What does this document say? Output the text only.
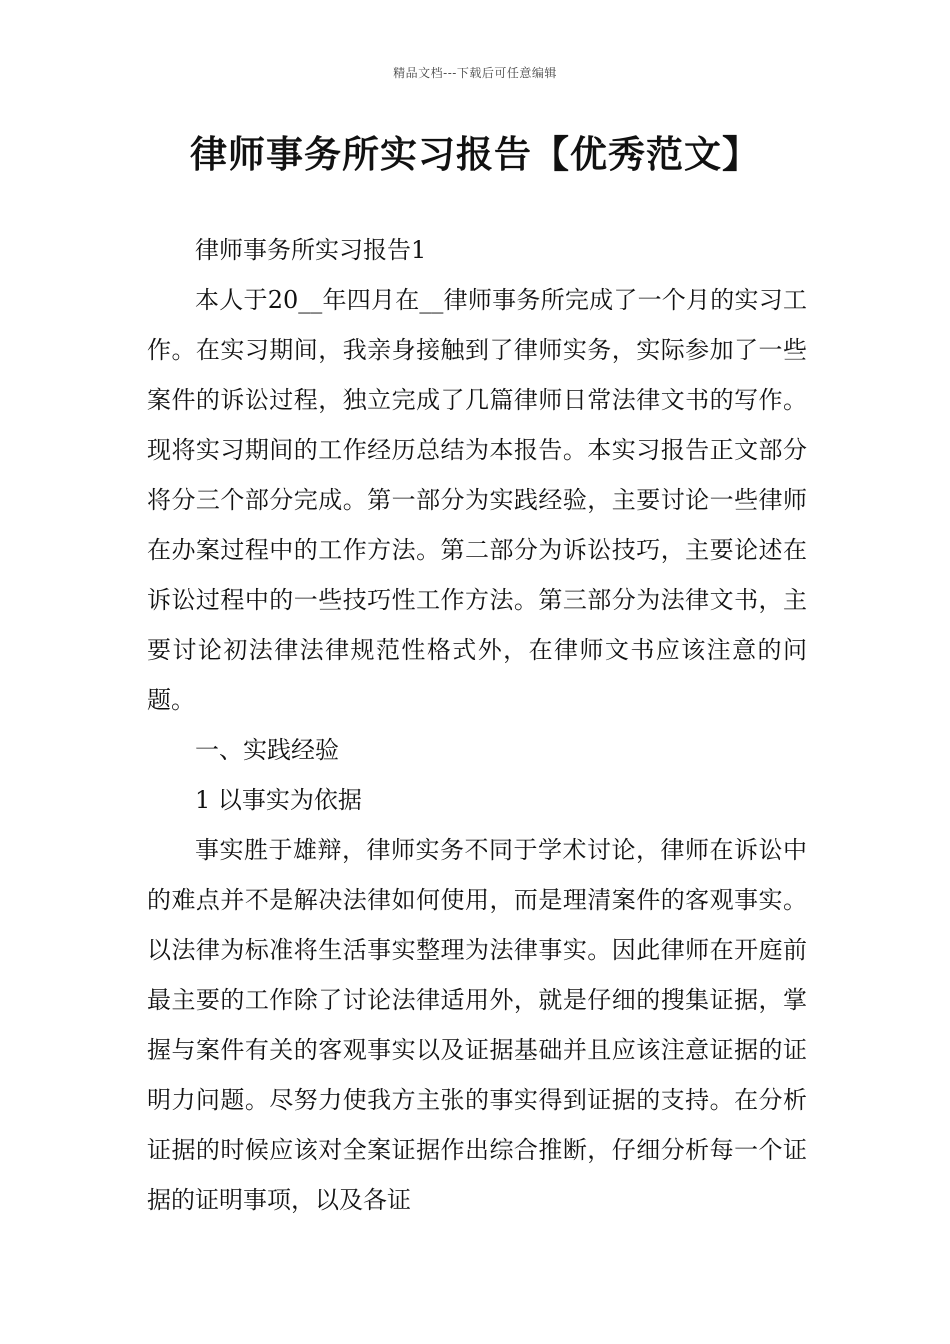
精品文档---下载后可任意编辑
律师事务所实习报告【优秀范文】

律师事务所实习报告1

本人于20__年四月在__律师事务所完成了一个月的实习工作。在实习期间，我亲身接触到了律师实务，实际参加了一些案件的诉讼过程，独立完成了几篇律师日常法律文书的写作。现将实习期间的工作经历总结为本报告。本实习报告正文部分将分三个部分完成。第一部分为实践经验，主要讨论一些律师在办案过程中的工作方法。第二部分为诉讼技巧，主要论述在诉讼过程中的一些技巧性工作方法。第三部分为法律文书，主要讨论初法律法律规范性格式外，在律师文书应该注意的问题。

一、实践经验

1 以事实为依据

事实胜于雄辩，律师实务不同于学术讨论，律师在诉讼中的难点并不是解决法律如何使用，而是理清案件的客观事实。以法律为标准将生活事实整理为法律事实。因此律师在开庭前最主要的工作除了讨论法律适用外，就是仔细的搜集证据，掌握与案件有关的客观事实以及证据基础并且应该注意证据的证明力问题。尽努力使我方主张的事实得到证据的支持。在分析证据的时候应该对全案证据作出综合推断，仔细分析每一个证据的证明事项，以及各证
